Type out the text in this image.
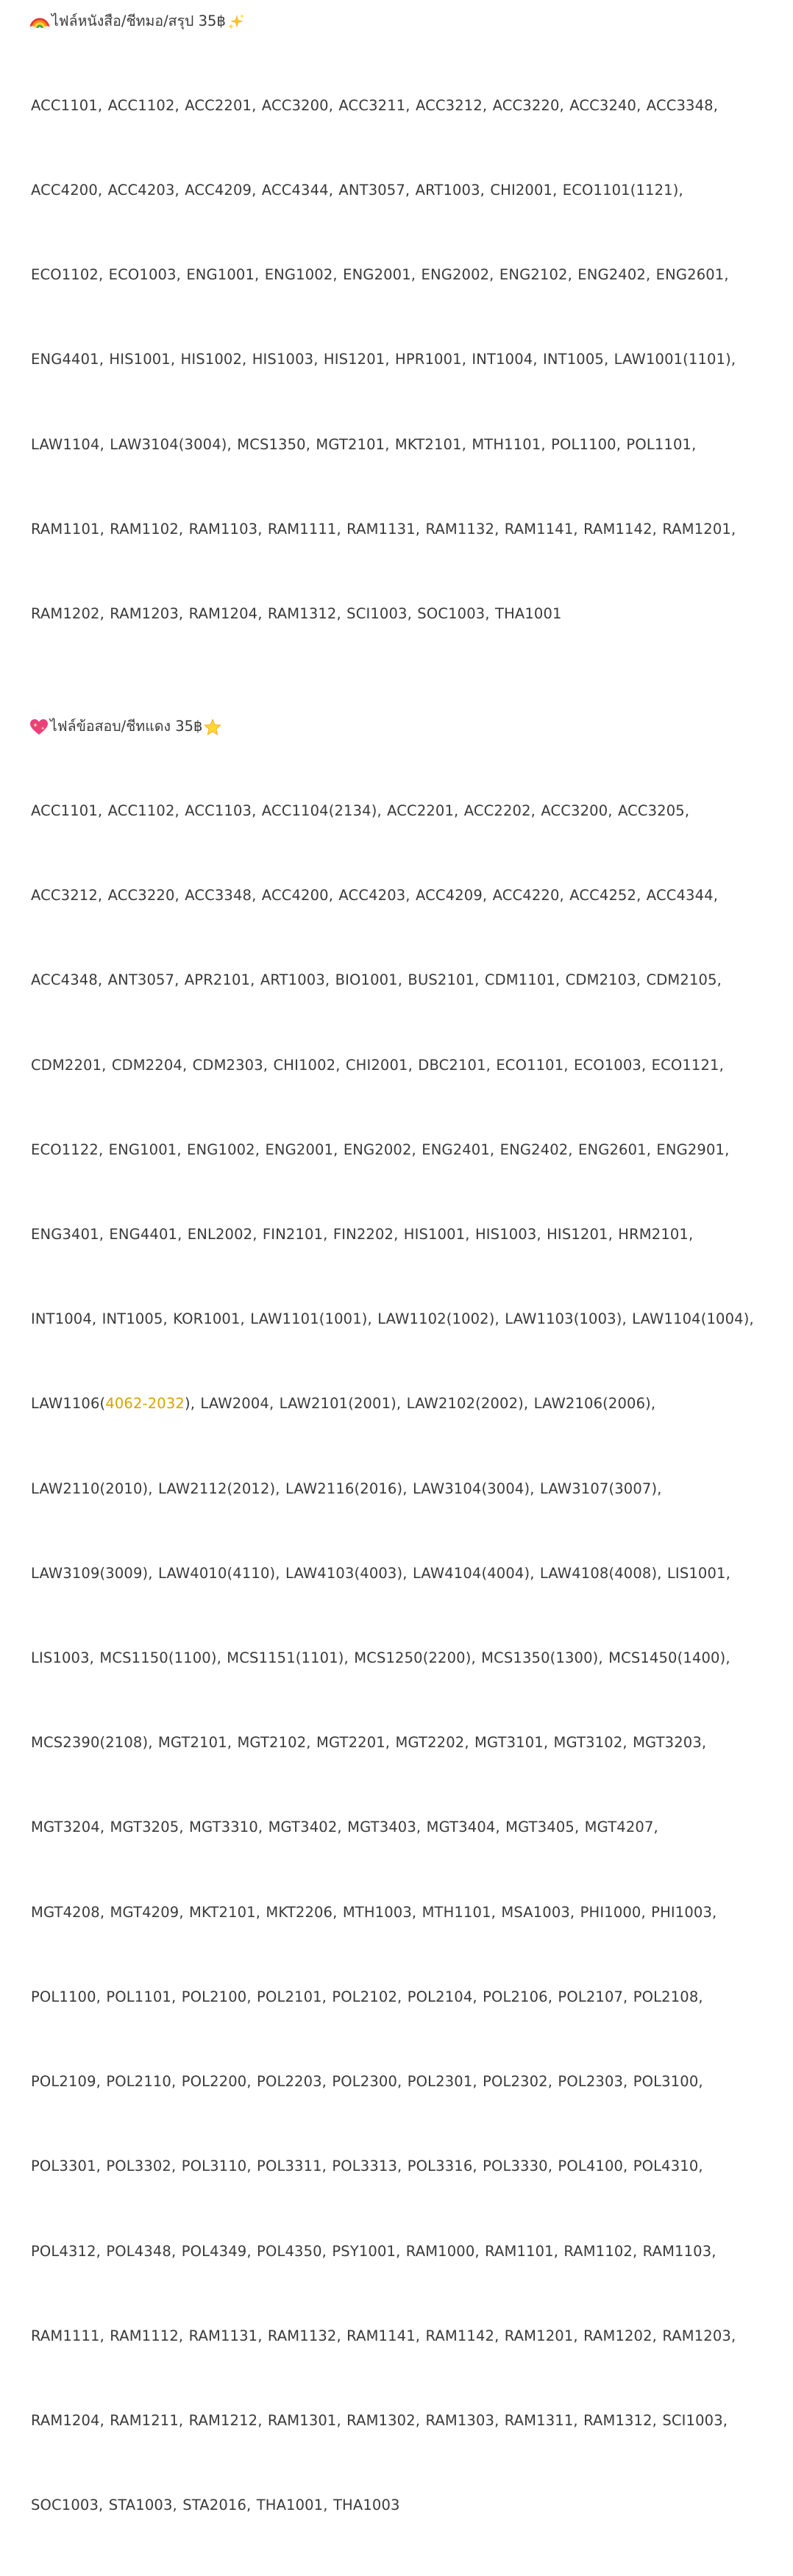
ไฟล์หนังสือ/ชีทมอ/สรุป 35฿

ACC1101, ACC1102, ACC2201, ACC3200, ACC3211, ACC3212, ACC3220, ACC3240, ACC3348,

ACC4200, ACC4203, ACC4209, ACC4344, ANT3057, ART1003, CHI2001, ECO1101(1121),

ECO1102, ECO1003, ENG1001, ENG1002, ENG2001, ENG2002, ENG2102, ENG2402, ENG2601,

ENG4401, HIS1001, HIS1002, HIS1003, HIS1201, HPR1001, INT1004, INT1005, LAW1001(1101),

LAW1104, LAW3104(3004), MCS1350, MGT2101, MKT2101, MTH1101, POL1100, POL1101,

RAM1101, RAM1102, RAM1103, RAM1111, RAM1131, RAM1132, RAM1141, RAM1142, RAM1201,

RAM1202, RAM1203, RAM1204, RAM1312, SCI1003, SOC1003, THA1001

ไฟล์ข้อสอบ/ชีทแดง 35฿

ACC1101, ACC1102, ACC1103, ACC1104(2134), ACC2201, ACC2202, ACC3200, ACC3205,

ACC3212, ACC3220, ACC3348, ACC4200, ACC4203, ACC4209, ACC4220, ACC4252, ACC4344,

ACC4348, ANT3057, APR2101, ART1003, BIO1001, BUS2101, CDM1101, CDM2103, CDM2105,

CDM2201, CDM2204, CDM2303, CHI1002, CHI2001, DBC2101, ECO1101, ECO1003, ECO1121,

ECO1122, ENG1001, ENG1002, ENG2001, ENG2002, ENG2401, ENG2402, ENG2601, ENG2901,

ENG3401, ENG4401, ENL2002, FIN2101, FIN2202, HIS1001, HIS1003, HIS1201, HRM2101,

INT1004, INT1005, KOR1001, LAW1101(1001), LAW1102(1002), LAW1103(1003), LAW1104(1004),

LAW1106(4062-2032), LAW2004, LAW2101(2001), LAW2102(2002), LAW2106(2006),

LAW2110(2010), LAW2112(2012), LAW2116(2016), LAW3104(3004), LAW3107(3007),

LAW3109(3009), LAW4010(4110), LAW4103(4003), LAW4104(4004), LAW4108(4008), LIS1001,

LIS1003, MCS1150(1100), MCS1151(1101), MCS1250(2200), MCS1350(1300), MCS1450(1400),

MCS2390(2108), MGT2101, MGT2102, MGT2201, MGT2202, MGT3101, MGT3102, MGT3203,

MGT3204, MGT3205, MGT3310, MGT3402, MGT3403, MGT3404, MGT3405, MGT4207,

MGT4208, MGT4209, MKT2101, MKT2206, MTH1003, MTH1101, MSA1003, PHI1000, PHI1003,

POL1100, POL1101, POL2100, POL2101, POL2102, POL2104, POL2106, POL2107, POL2108,

POL2109, POL2110, POL2200, POL2203, POL2300, POL2301, POL2302, POL2303, POL3100,

POL3301, POL3302, POL3110, POL3311, POL3313, POL3316, POL3330, POL4100, POL4310,

POL4312, POL4348, POL4349, POL4350, PSY1001, RAM1000, RAM1101, RAM1102, RAM1103,

RAM1111, RAM1112, RAM1131, RAM1132, RAM1141, RAM1142, RAM1201, RAM1202, RAM1203,

RAM1204, RAM1211, RAM1212, RAM1301, RAM1302, RAM1303, RAM1311, RAM1312, SCI1003,

SOC1003, STA1003, STA2016, THA1001, THA1003
